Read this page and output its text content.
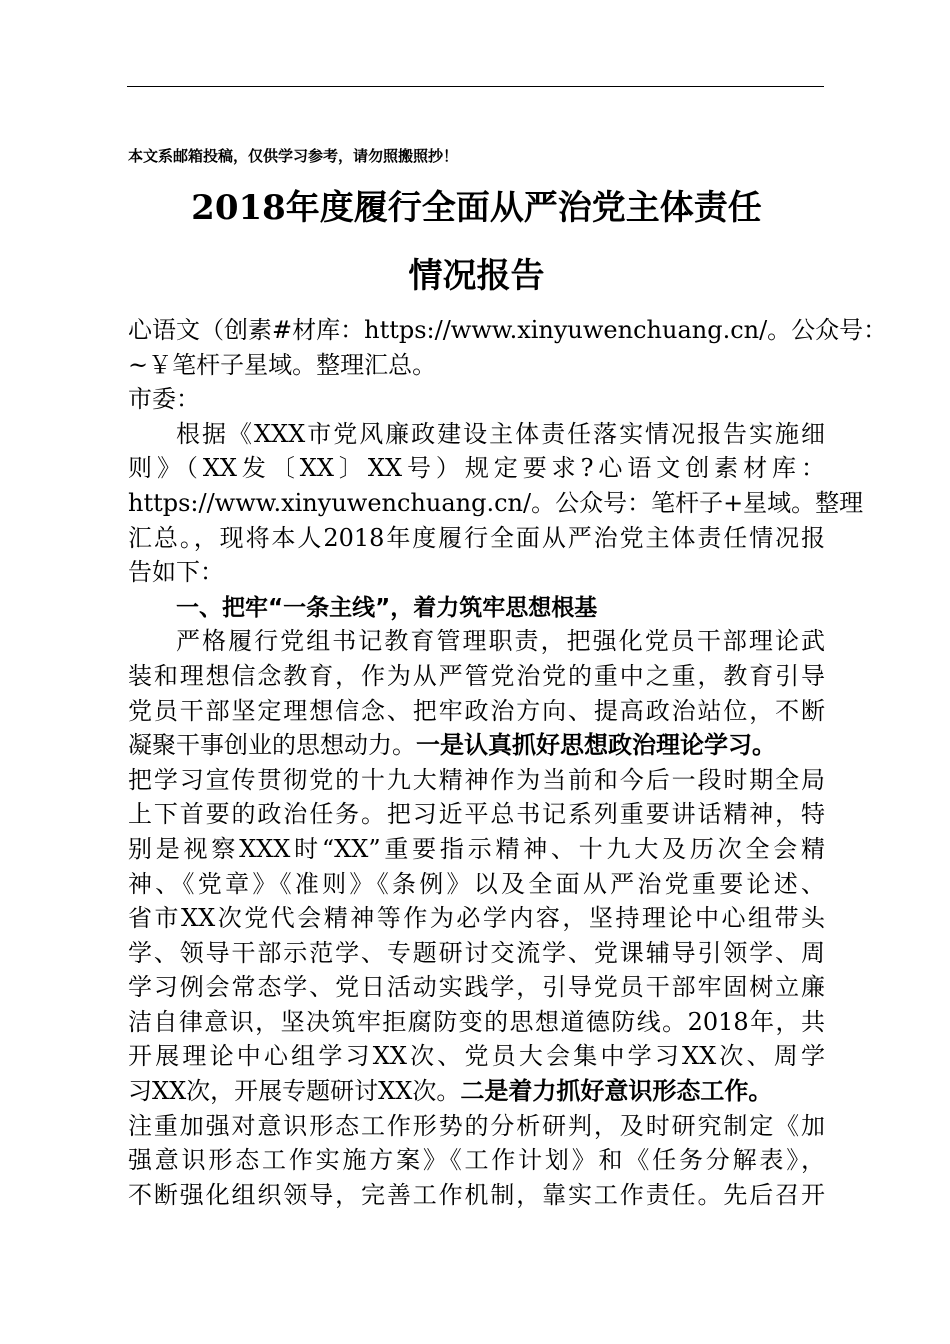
本文系邮箱投稿，仅供学习参考，请勿照搬照抄！
2018年度履行全面从严治党主体责任
情况报告
心语文（创素#材库：https://www.xinyuwenchuang.cn/。公众号：
~￥笔杆子星域。整理汇总。
市委：
根据《XXX市党风廉政建设主体责任落实情况报告实施细
则》（XX发〔XX〕XX号）规定要求?心语文创素材库：
https://www.xinyuwenchuang.cn/。公众号：笔杆子+星域。整理
汇总。，现将本人2018年度履行全面从严治党主体责任情况报
告如下：
一、把牢“一条主线”，着力筑牢思想根基
严格履行党组书记教育管理职责，把强化党员干部理论武
装和理想信念教育，作为从严管党治党的重中之重，教育引导
党员干部坚定理想信念、把牢政治方向、提高政治站位，不断
凝聚干事创业的思想动力。一是认真抓好思想政治理论学习。
把学习宣传贯彻党的十九大精神作为当前和今后一段时期全局
上下首要的政治任务。把习近平总书记系列重要讲话精神，特
别是视察XXX时“XX”重要指示精神、十九大及历次全会精
神、《党章》《准则》《条例》以及全面从严治党重要论述、
省市XX次党代会精神等作为必学内容，坚持理论中心组带头
学、领导干部示范学、专题研讨交流学、党课辅导引领学、周
学习例会常态学、党日活动实践学，引导党员干部牢固树立廉
洁自律意识，坚决筑牢拒腐防变的思想道德防线。2018年，共
开展理论中心组学习XX次、党员大会集中学习XX次、周学
习XX次，开展专题研讨XX次。二是着力抓好意识形态工作。
注重加强对意识形态工作形势的分析研判，及时研究制定《加
强意识形态工作实施方案》《工作计划》和《任务分解表》，
不断强化组织领导，完善工作机制，靠实工作责任。先后召开
